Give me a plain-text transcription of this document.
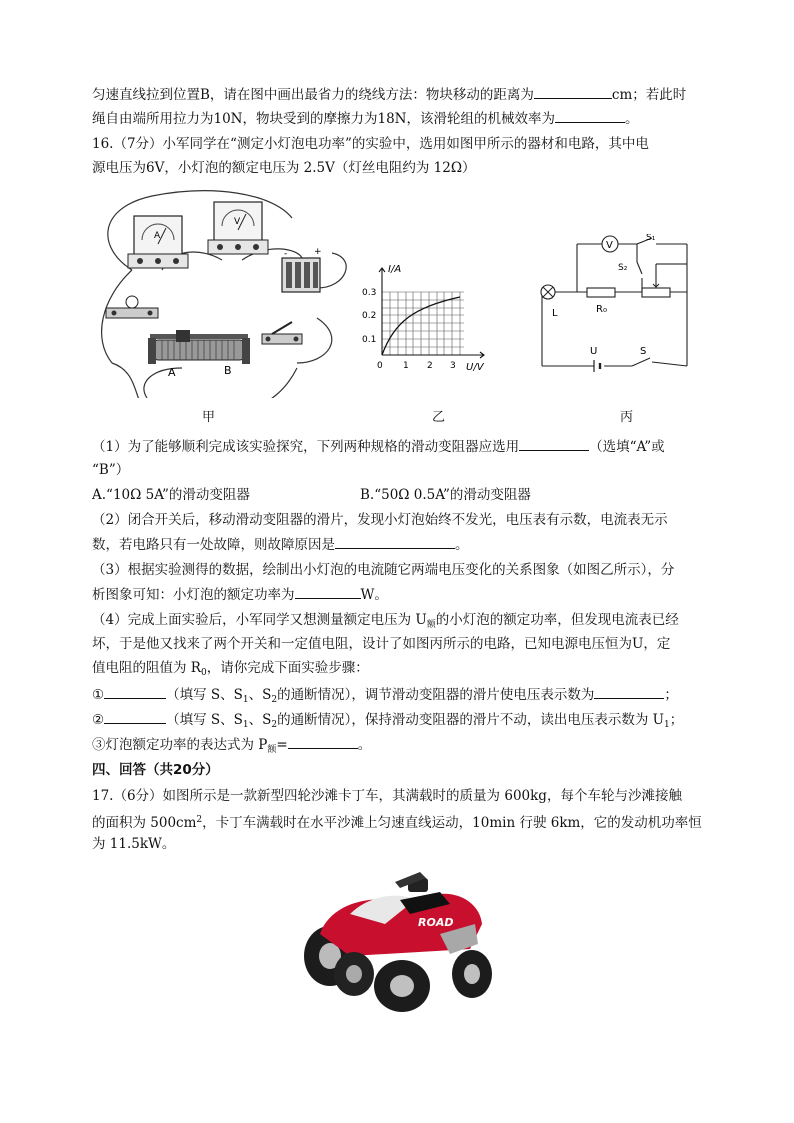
匀速直线拉到位置B，请在图中画出最省力的绕线方法：物块移动的距离为	cm；若此时
绳自由端所用拉力为10N，物块受到的摩擦力为18N，该滑轮组的机械效率为	。
16.（7分）小军同学在“测定小灯泡电功率”的实验中，选用如图甲所示的器材和电路，其中电
源电压为6V，小灯泡的额定电压为 2.5V（灯丝电阻约为 12Ω）
A
V
-	+
A	B
甲
I/A
U/V
0.3
0.2
0.1
0 1 2 3
乙
V
S₁
S₂
L	R₀
U	S
丙
（1）为了能够顺利完成该实验探究，下列两种规格的滑动变阻器应选用	（选填“A”或
“B”）
A.“10Ω 5A”的滑动变阻器	B.“50Ω 0.5A”的滑动变阻器
（2）闭合开关后，移动滑动变阻器的滑片，发现小灯泡始终不发光，电压表有示数，电流表无示
数，若电路只有一处故障，则故障原因是	。
（3）根据实验测得的数据，绘制出小灯泡的电流随它两端电压变化的关系图象（如图乙所示），分
析图象可知：小灯泡的额定功率为	W。
（4）完成上面实验后，小军同学又想测量额定电压为 $U_额$的小灯泡的额定功率，但发现电流表已经
坏，于是他又找来了两个开关和一定值电阻，设计了如图丙所示的电路，已知电源电压恒为U，定
值电阻的阻值为 $R_0$，请你完成下面实验步骤：
①	（填写 S、$S_1$、$S_2$的通断情况），调节滑动变阻器的滑片使电压表示数为	；
②	（填写 S、$S_1$、$S_2$的通断情况），保持滑动变阻器的滑片不动，读出电压表示数为 $U_1$；
③灯泡额定功率的表达式为 $P_额=$	。
四、回答（共20分）
17.（6分）如图所示是一款新型四轮沙滩卡丁车，其满载时的质量为 600kg，每个车轮与沙滩接触
的面积为 $500cm^2$，卡丁车满载时在水平沙滩上匀速直线运动，10min 行驶 6km，它的发动机功率恒
为 11.5kW。
ROAD
